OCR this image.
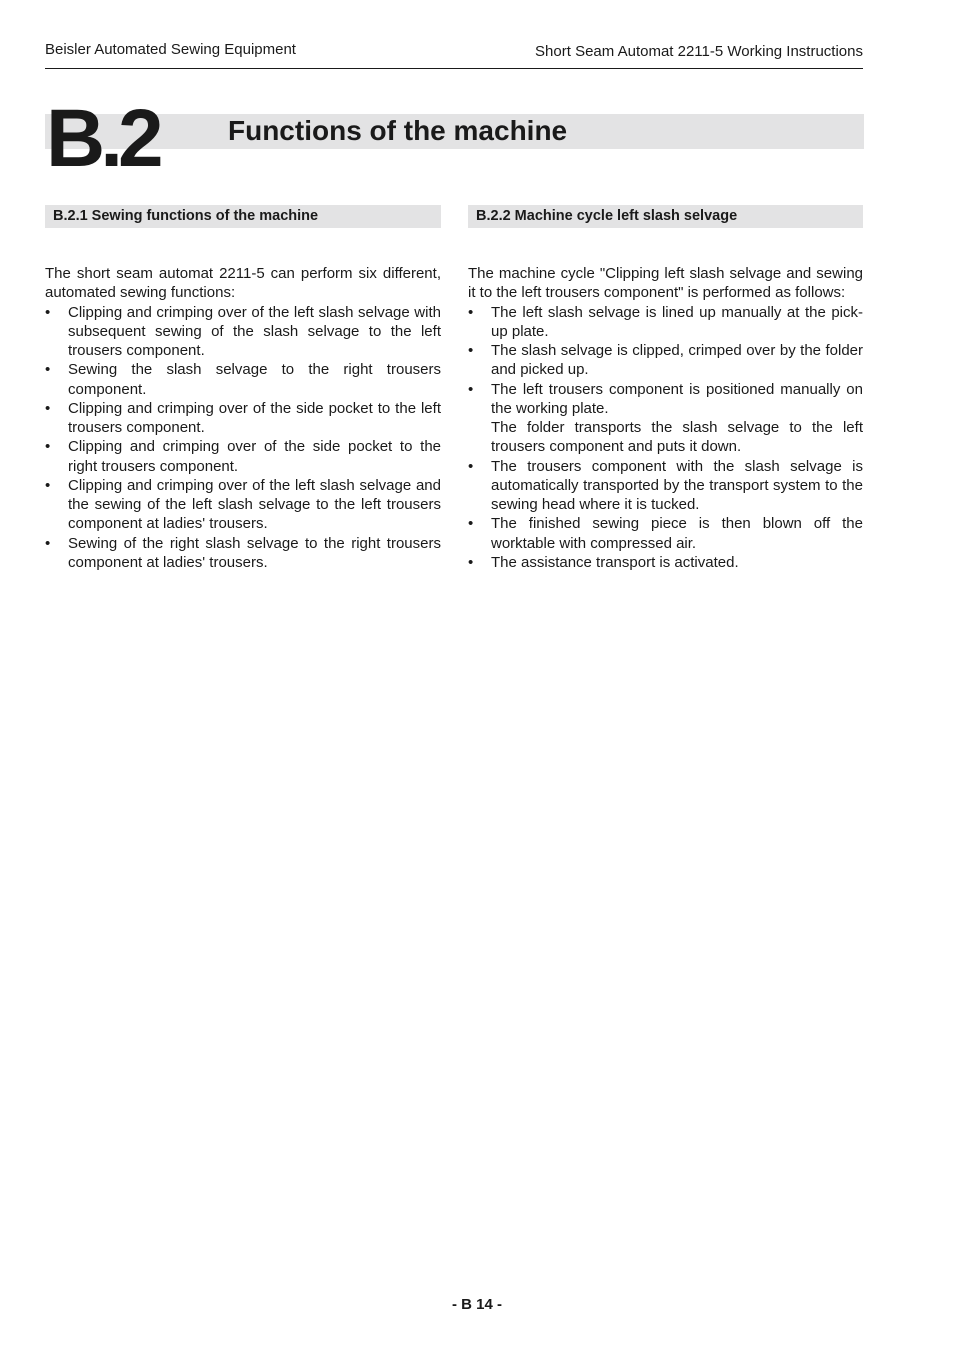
Beisler Automated Sewing Equipment	Short Seam Automat 2211-5 Working Instructions
B.2 Functions of the machine
B.2.1 Sewing functions of the machine	B.2.2 Machine cycle left slash selvage

The short seam automat 2211-5 can perform six different, automated sewing functions:

• Clipping and crimping over of the left slash selvage with subsequent sewing of the slash selvage to the left trousers component.
• Sewing the slash selvage to the right trousers component.
• Clipping and crimping over of the side pocket to the left trousers component.
• Clipping and crimping over of the side pocket to the right trousers component.
• Clipping and crimping over of the left slash selvage and the sewing of the left slash selvage to the left trousers component at ladies' trousers.
• Sewing of the right slash selvage to the right trousers component at ladies' trousers.

The machine cycle "Clipping left slash selvage and sewing it to the left trousers component" is performed as follows:

• The left slash selvage is lined up manually at the pick-up plate.
• The slash selvage is clipped, crimped over by the folder and picked up.
• The left trousers component is positioned manually on the working plate.
The folder transports the slash selvage to the left trousers component and puts it down.
• The trousers component with the slash selvage is automatically transported by the transport system to the sewing head where it is tucked.
• The finished sewing piece is then blown off the worktable with compressed air.
• The assistance transport is activated.
- B 14 -
